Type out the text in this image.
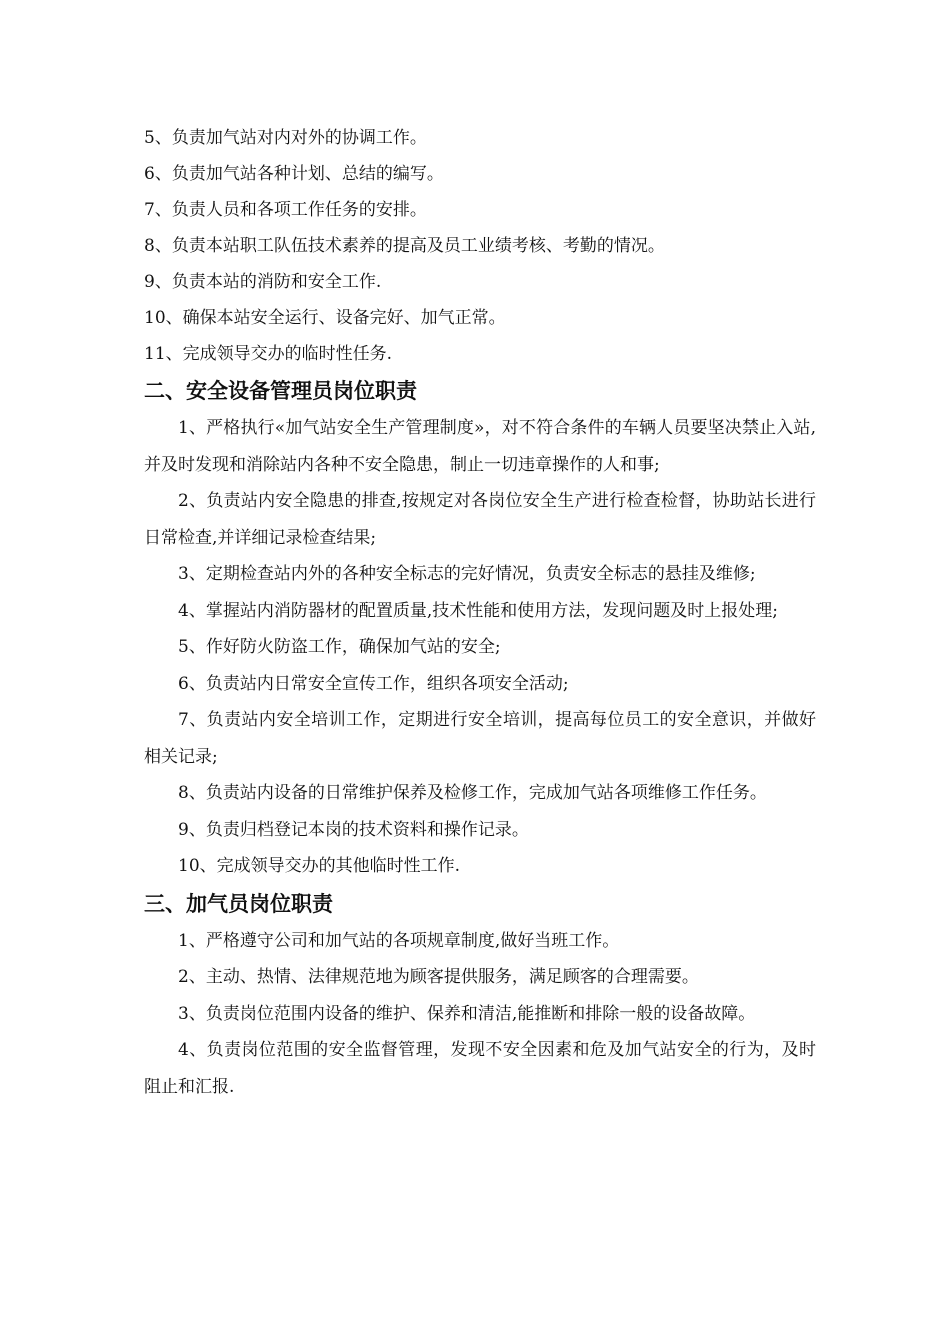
5、负责加气站对内对外的协调工作。
6、负责加气站各种计划、总结的编写。
7、负责人员和各项工作任务的安排。
8、负责本站职工队伍技术素养的提高及员工业绩考核、考勤的情况。
9、负责本站的消防和安全工作.
10、确保本站安全运行、设备完好、加气正常。
11、完成领导交办的临时性任务.
二、安全设备管理员岗位职责

1、严格执行«加气站安全生产管理制度»，对不符合条件的车辆人员要坚决禁止入站,并及时发现和消除站内各种不安全隐患，制止一切违章操作的人和事;

2、负责站内安全隐患的排查,按规定对各岗位安全生产进行检查检督，协助站长进行日常检查,并详细记录检查结果;

3、定期检查站内外的各种安全标志的完好情况，负责安全标志的悬挂及维修;

4、掌握站内消防器材的配置质量,技术性能和使用方法，发现问题及时上报处理;

5、作好防火防盗工作，确保加气站的安全;

6、负责站内日常安全宣传工作，组织各项安全活动;

7、负责站内安全培训工作，定期进行安全培训，提高每位员工的安全意识，并做好相关记录;

8、负责站内设备的日常维护保养及检修工作，完成加气站各项维修工作任务。

9、负责归档登记本岗的技术资料和操作记录。

10、完成领导交办的其他临时性工作.

三、加气员岗位职责

1、严格遵守公司和加气站的各项规章制度,做好当班工作。

2、主动、热情、法律规范地为顾客提供服务，满足顾客的合理需要。

3、负责岗位范围内设备的维护、保养和清洁,能推断和排除一般的设备故障。

4、负责岗位范围的安全监督管理，发现不安全因素和危及加气站安全的行为，及时阻止和汇报.
